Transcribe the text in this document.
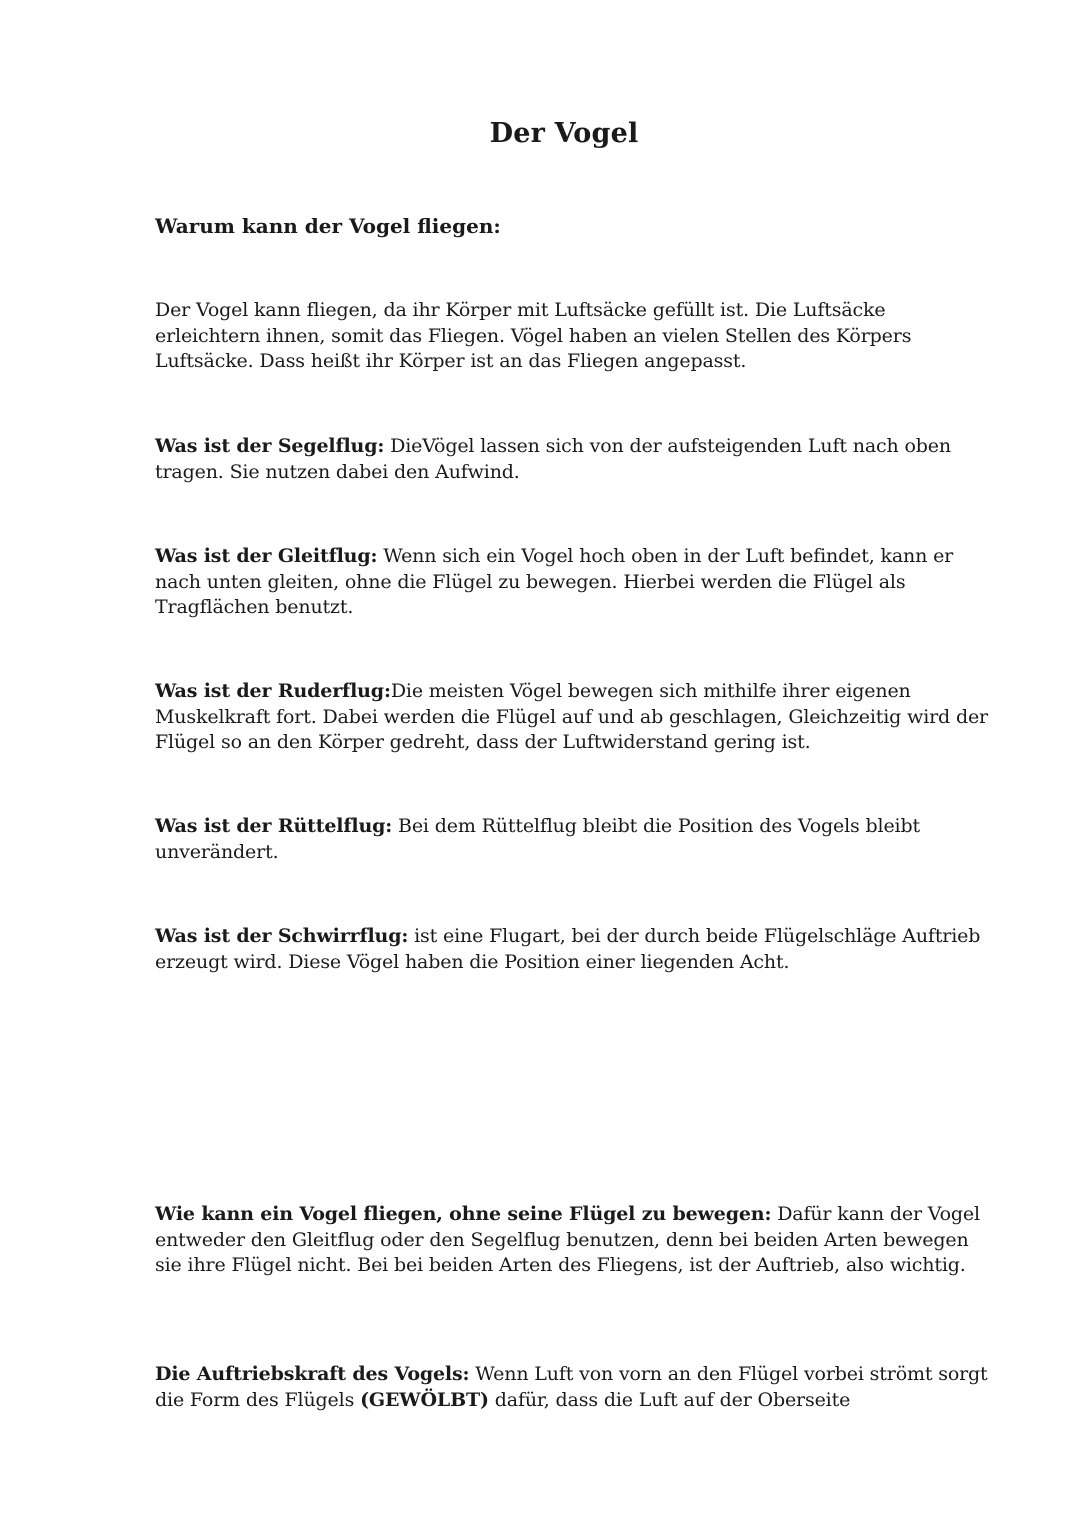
Der Vogel
Warum kann der Vogel fliegen:

Der Vogel kann fliegen, da ihr Körper mit Luftsäcke gefüllt ist. Die Luftsäcke erleichtern ihnen, somit das Fliegen. Vögel haben an vielen Stellen des Körpers Luftsäcke. Dass heißt ihr Körper ist an das Fliegen angepasst.

Was ist der Segelflug: DieVögel lassen sich von der aufsteigenden Luft nach oben tragen. Sie nutzen dabei den Aufwind.

Was ist der Gleitflug: Wenn sich ein Vogel hoch oben in der Luft befindet, kann er nach unten gleiten, ohne die Flügel zu bewegen. Hierbei werden die Flügel als Tragflächen benutzt.

Was ist der Ruderflug:Die meisten Vögel bewegen sich mithilfe ihrer eigenen Muskelkraft fort. Dabei werden die Flügel auf und ab geschlagen, Gleichzeitig wird der Flügel so an den Körper gedreht, dass der Luftwiderstand gering ist.

Was ist der Rüttelflug: Bei dem Rüttelflug bleibt die Position des Vogels bleibt unverändert.

Was ist der Schwirrflug: ist eine Flugart, bei der durch beide Flügelschläge Auftrieb erzeugt wird. Diese Vögel haben die Position einer liegenden Acht.

Wie kann ein Vogel fliegen, ohne seine Flügel zu bewegen: Dafür kann der Vogel entweder den Gleitflug oder den Segelflug benutzen, denn bei beiden Arten bewegen sie ihre Flügel nicht. Bei bei beiden Arten des Fliegens, ist der Auftrieb, also wichtig.

Die Auftriebskraft des Vogels: Wenn Luft von vorn an den Flügel vorbei strömt sorgt die Form des Flügels (GEWÖLBT) dafür, dass die Luft auf der Oberseite
